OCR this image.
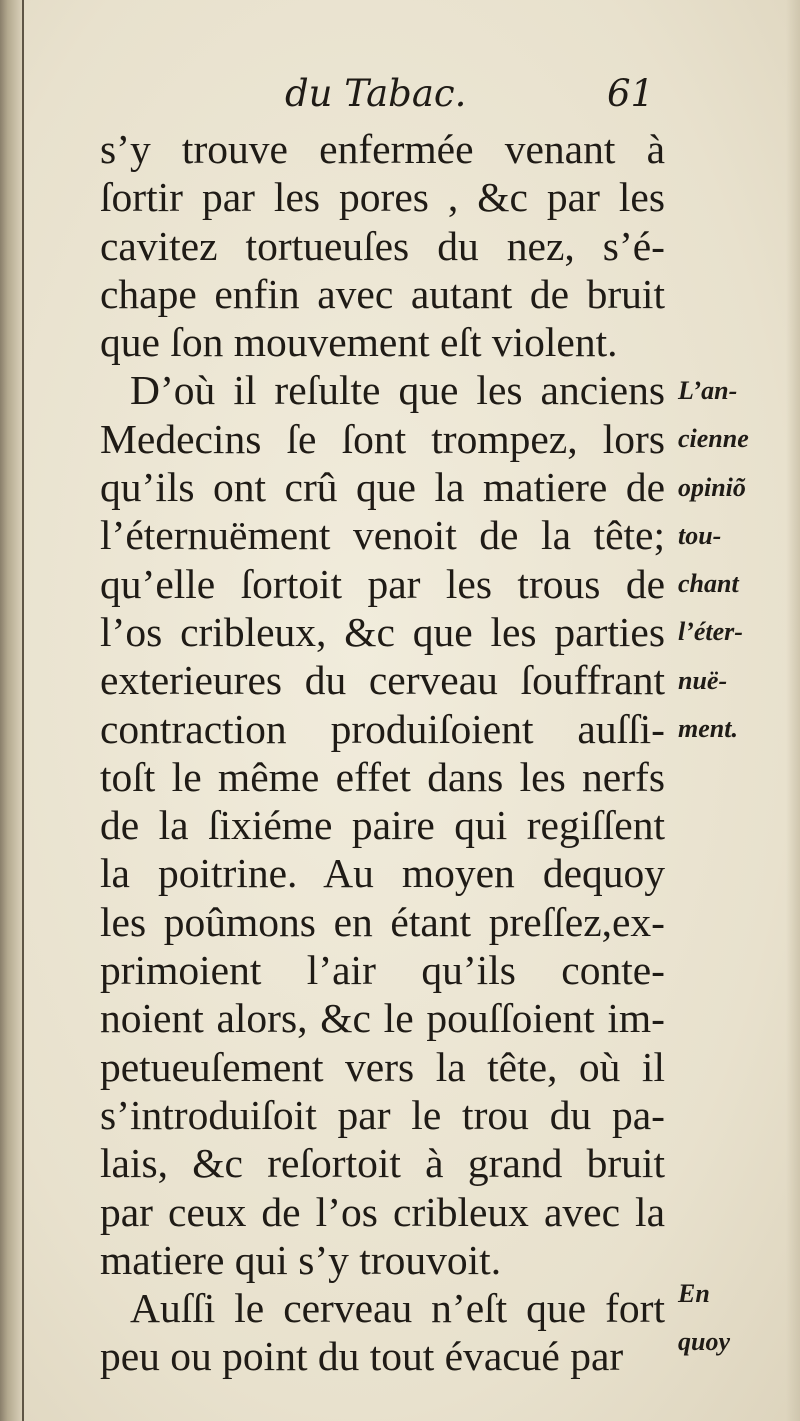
du Tabac.	61
s’y trouve enfermée venant à
ſortir par les pores , &c par les
cavitez tortueuſes du nez, s’é-
chape enfin avec autant de bruit
que ſon mouvement eſt violent.
D’où il reſulte que les anciens
Medecins ſe ſont trompez, lors
qu’ils ont crû que la matiere de
l’éternuëment venoit de la tête;
qu’elle ſortoit par les trous de
l’os cribleux, &c que les parties
exterieures du cerveau ſouffrant
contraction produiſoient auſſi-
toſt le même effet dans les nerfs
de la ſixiéme paire qui regiſſent
la poitrine. Au moyen dequoy
les poûmons en étant preſſez,ex-
primoient l’air qu’ils conte-
noient alors, &c le pouſſoient im-
petueuſement vers la tête, où il
s’introduiſoit par le trou du pa-
lais, &c reſortoit à grand bruit
par ceux de l’os cribleux avec la
matiere qui s’y trouvoit.
Auſſi le cerveau n’eſt que fort
peu ou point du tout évacué par
L’an-
cienne
opiniõ
tou-
chant
l’éter-
nuë-
ment.
En
quoy
